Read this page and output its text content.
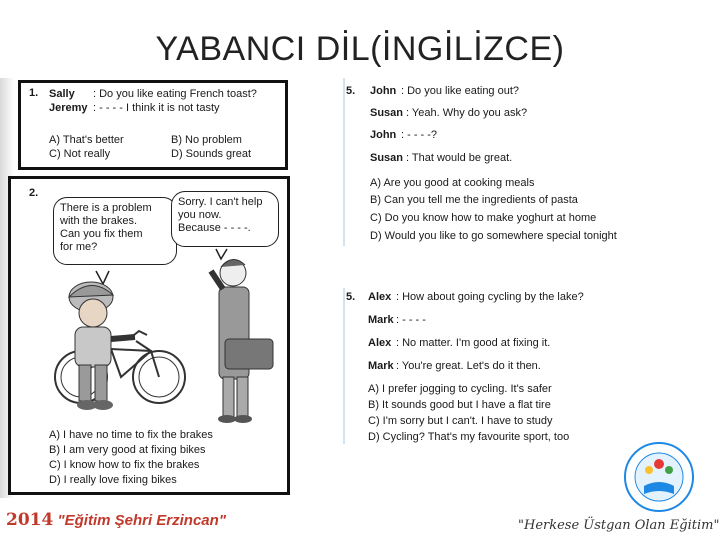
YABANCI DİL(İNGİLİZCE)
1. Sally : Do you like eating French toast?
Jeremy : - - - - I think it is not tasty
A) That's better	B) No problem
C) Not really	D) Sounds great
2.
There is a problem
with the brakes.
Can you fix them
for me?
Sorry. I can't help
you now.
Because - - - -.
A) I have no time to fix the brakes
B) I am very good at fixing bikes
C) I know how to fix the brakes
D) I really love fixing bikes
5. John : Do you like eating out?
Susan : Yeah. Why do you ask?
John : - - - -?
Susan : That would be great.
A) Are you good at cooking meals
B) Can you tell me the ingredients of pasta
C) Do you know how to make yoghurt at home
D) Would you like to go somewhere special tonight
5. Alex : How about going cycling by the lake?
Mark : - - - -
Alex : No matter. I'm good at fixing it.
Mark : You're great. Let's do it then.
A) I prefer jogging to cycling. It's safer
B) It sounds good but I have a flat tire
C) I'm sorry but I can't. I have to study
D) Cycling? That's my favourite sport, too
2014 "Eğitim Şehri Erzincan"	"Herkese Üstgan Olan Eğitim"
